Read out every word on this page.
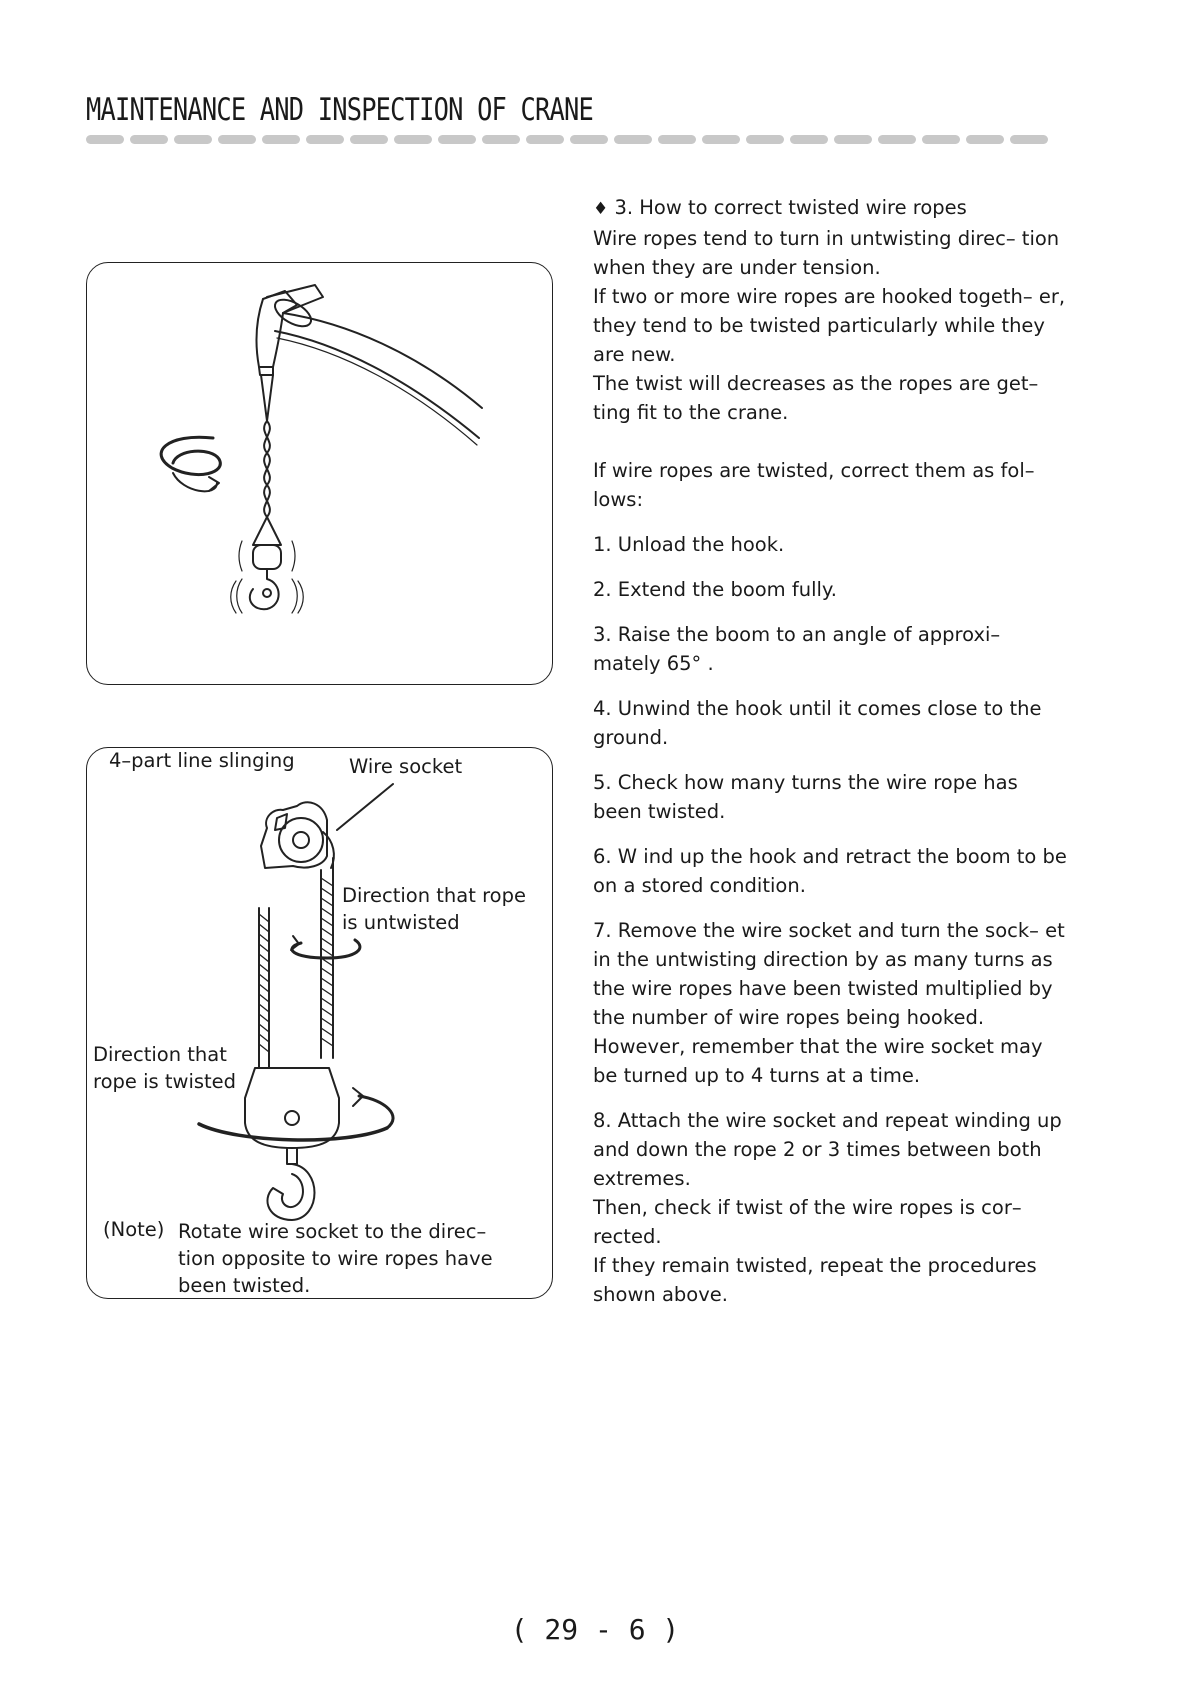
MAINTENANCE AND INSPECTION OF CRANE
4–part line slinging	Wire socket
Direction that rope
is untwisted
Direction that
rope is twisted
(Note) Rotate wire socket to the direc– tion opposite to wire ropes have been twisted.

♦ 3. How to correct twisted wire ropes

Wire ropes tend to turn in untwisting direc– tion when they are under tension.

If two or more wire ropes are hooked togeth– er, they tend to be twisted particularly while they are new.

The twist will decreases as the ropes are get– ting fit to the crane.

If wire ropes are twisted, correct them as fol– lows:

1. Unload the hook.

2. Extend the boom fully.

3. Raise the boom to an angle of approxi– mately 65° .

4. Unwind the hook until it comes close to the ground.

5. Check how many turns the wire rope has been twisted.

6. W ind up the hook and retract the boom to be on a stored condition.

7. Remove the wire socket and turn the sock– et in the untwisting direction by as many turns as the wire ropes have been twisted multiplied by the number of wire ropes being hooked.

However, remember that the wire socket may be turned up to 4 turns at a time.

8. Attach the wire socket and repeat winding up and down the rope 2 or 3 times between both extremes.

Then, check if twist of the wire ropes is cor– rected.

If they remain twisted, repeat the procedures shown above.

( 29 - 6 )
